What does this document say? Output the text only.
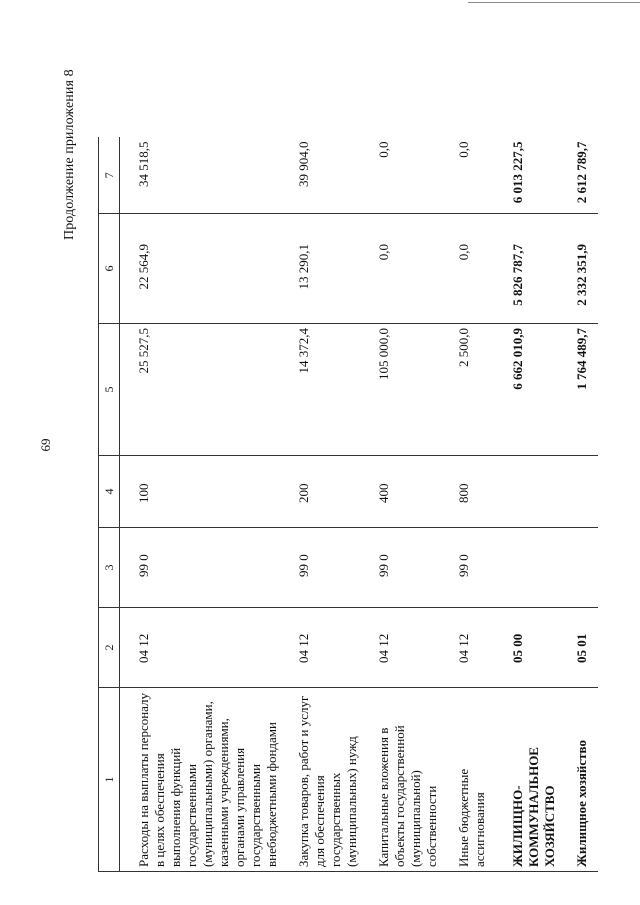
69
Продолжение приложения 8
1	2	3	4	5	6	7
Расходы на выплаты персоналу в целях обеспечения выполнения функций государственными (муниципальными) органами, казенными учреждениями, органами управления государственными внебюджетными фондами	04 12	99 0	100	25 527,5	22 564,9	34 518,5
Закупка товаров, работ и услуг для обеспечения государственных (муниципальных) нужд	04 12	99 0	200	14 372,4	13 290,1	39 904,0
Капитальные вложения в объекты государственной (муниципальной) собственности	04 12	99 0	400	105 000,0	0,0	0,0
Иные бюджетные ассигнования	04 12	99 0	800	2 500,0	0,0	0,0
ЖИЛИЩНО-КОММУНАЛЬНОЕ ХОЗЯЙСТВО	05 00			6 662 010,9	5 826 787,7	6 013 227,5
Жилищное хозяйство	05 01			1 764 489,7	2 332 351,9	2 612 789,7
